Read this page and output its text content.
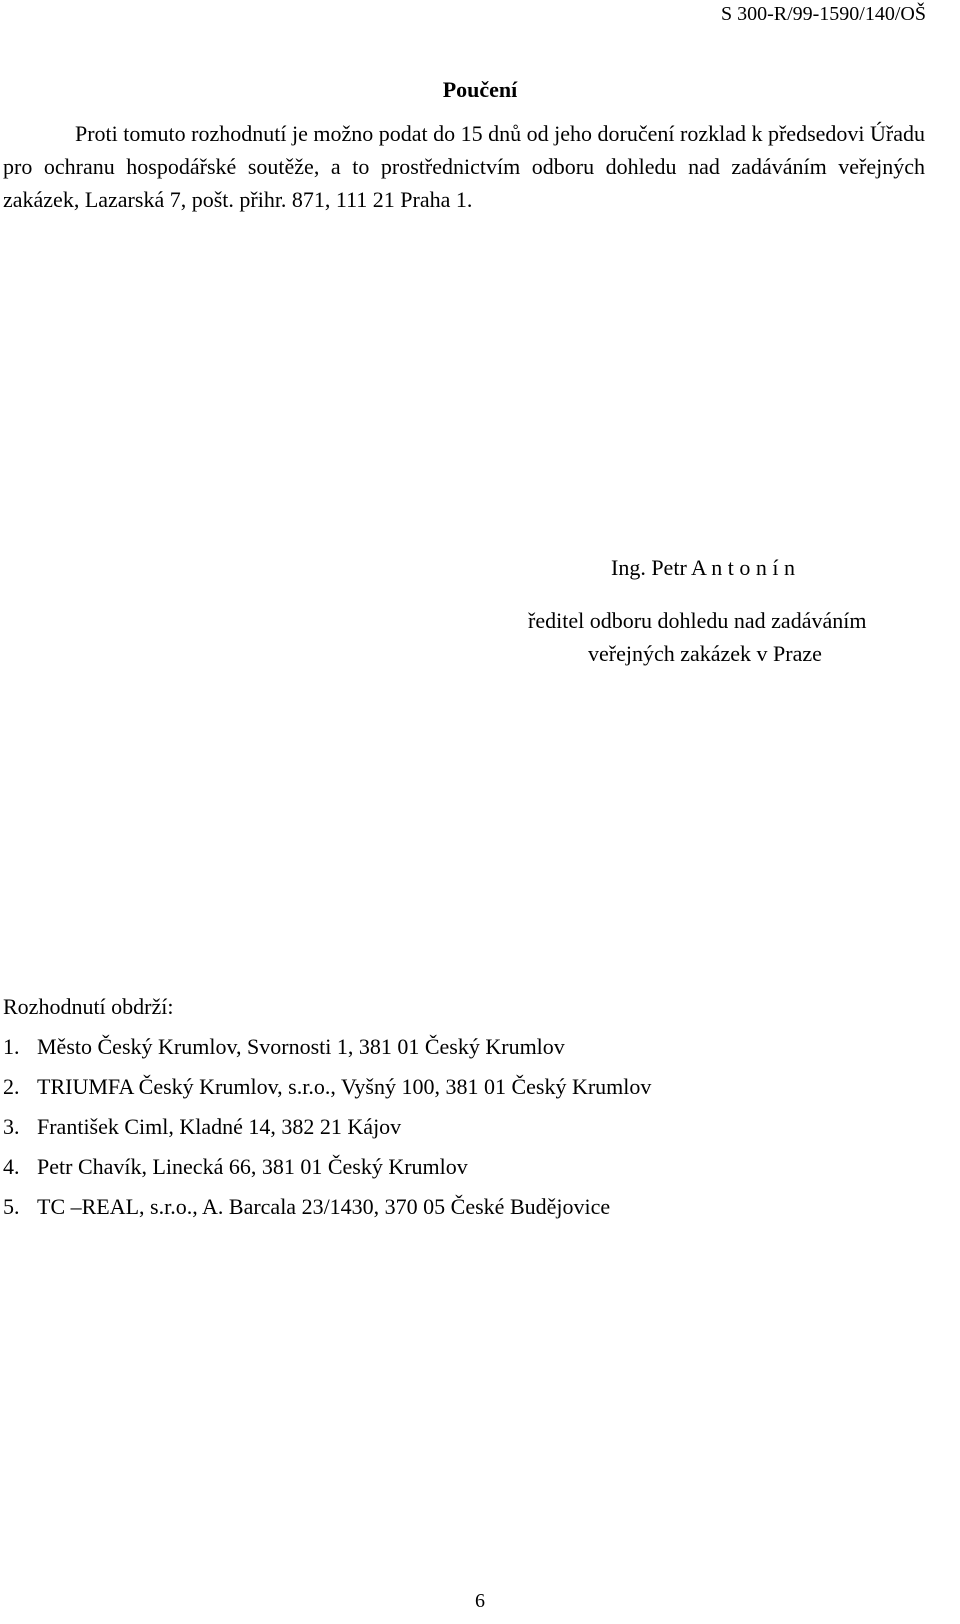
S 300-R/99-1590/140/OŠ
Poučení

Proti tomuto rozhodnutí je možno podat do 15 dnů od jeho doručení rozklad k předsedovi Úřadu pro ochranu hospodářské soutěže, a to prostřednictvím odboru dohledu nad zadáváním veřejných zakázek, Lazarská 7, pošt. přihr. 871, 111 21 Praha 1.

Ing. Petr A n t o n í n
ředitel odboru dohledu nad zadáváním
veřejných zakázek v Praze
Rozhodnutí obdrží:
1. Město Český Krumlov, Svornosti 1, 381 01 Český Krumlov
2. TRIUMFA Český Krumlov, s.r.o., Vyšný 100, 381 01 Český Krumlov
3. František Ciml, Kladné 14, 382 21 Kájov
4. Petr Chavík, Linecká 66, 381 01 Český Krumlov
5. TC –REAL, s.r.o., A. Barcala 23/1430, 370 05 České Budějovice
6
